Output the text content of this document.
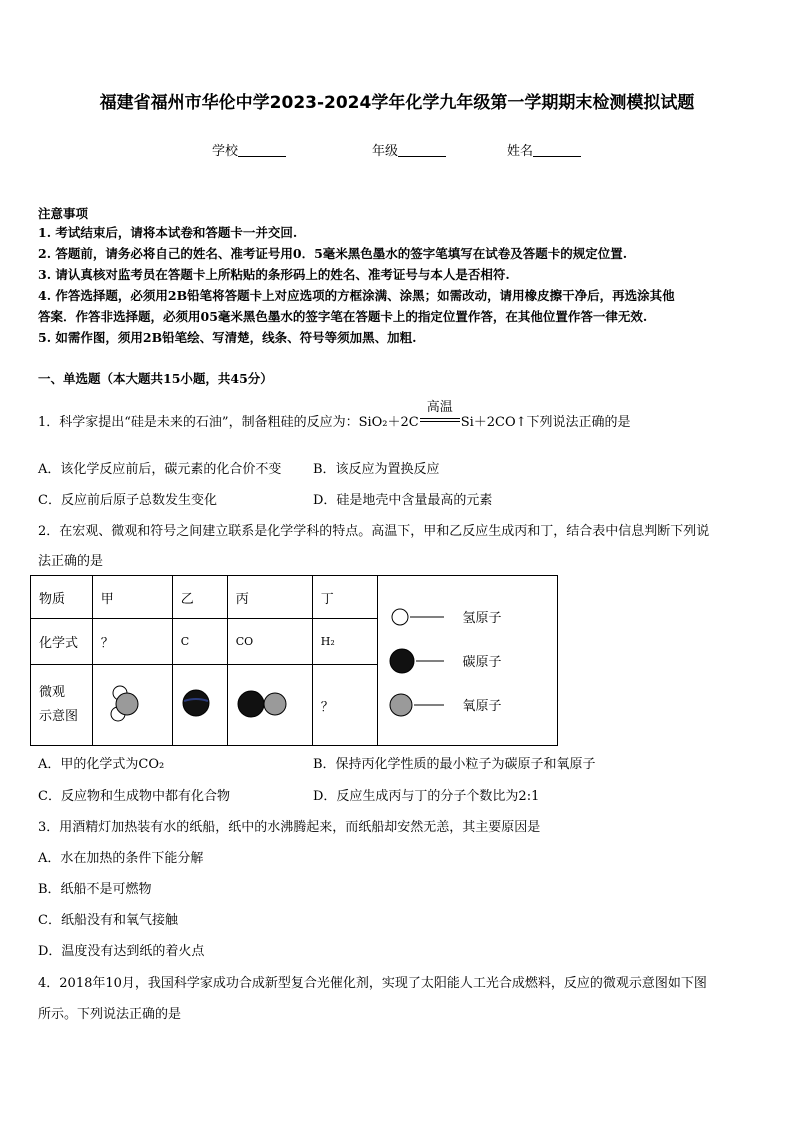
福建省福州市华伦中学2023-2024学年化学九年级第一学期期末检测模拟试题
学校	年级	姓名
注意事项
1. 考试结束后，请将本试卷和答题卡一并交回.
2. 答题前，请务必将自己的姓名、准考证号用0．5毫米黑色墨水的签字笔填写在试卷及答题卡的规定位置.
3. 请认真核对监考员在答题卡上所粘贴的条形码上的姓名、准考证号与本人是否相符.
4. 作答选择题，必须用2B铅笔将答题卡上对应选项的方框涂满、涂黑；如需改动，请用橡皮擦干净后，再选涂其他
答案．作答非选择题，必须用05毫米黑色墨水的签字笔在答题卡上的指定位置作答，在其他位置作答一律无效.
5. 如需作图，须用2B铅笔绘、写清楚，线条、符号等须加黑、加粗.
一、单选题（本大题共15小题，共45分）
1．科学家提出“硅是未来的石油”，制备粗硅的反应为：SiO₂＋2C
高温
Si＋2CO↑下列说法正确的是
A．该化学反应前后，碳元素的化合价不变 B．该反应为置换反应
C．反应前后原子总数发生变化	D．硅是地壳中含量最高的元素
2．在宏观、微观和符号之间建立联系是化学学科的特点。高温下，甲和乙反应生成丙和丁，结合表中信息判断下列说
法正确的是
物质	甲	乙	丙	丁	氢原子
碳原子
氧原子

化学式	？	C	CO	H₂	

微观
示意图				？	
A．甲的化学式为CO₂	B．保持丙化学性质的最小粒子为碳原子和氧原子
C．反应物和生成物中都有化合物	D．反应生成丙与丁的分子个数比为2:1
3．用酒精灯加热装有水的纸船，纸中的水沸腾起来，而纸船却安然无恙，其主要原因是
A．水在加热的条件下能分解
B．纸船不是可燃物
C．纸船没有和氧气接触
D．温度没有达到纸的着火点
4．2018年10月，我国科学家成功合成新型复合光催化剂，实现了太阳能人工光合成燃料，反应的微观示意图如下图
所示。下列说法正确的是
